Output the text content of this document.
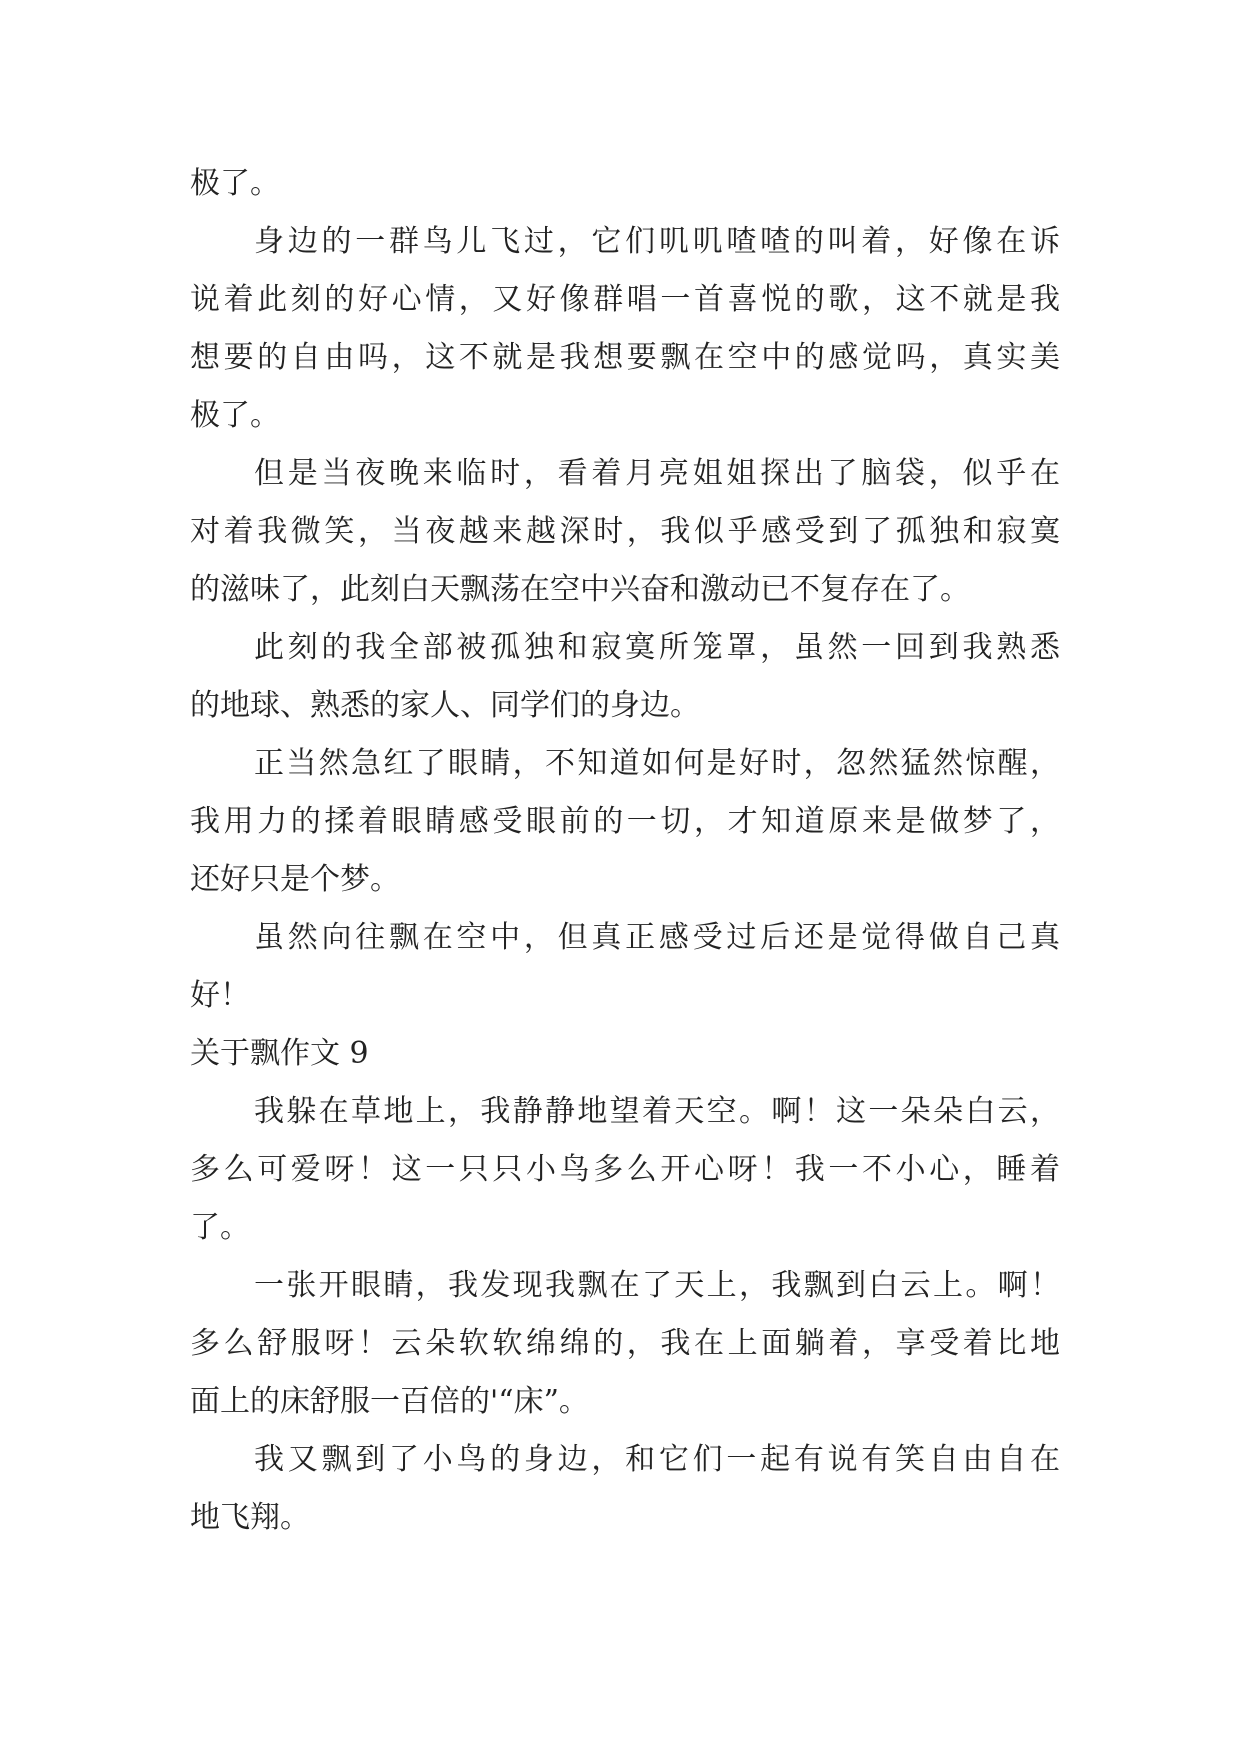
极了。
身边的一群鸟儿飞过，它们叽叽喳喳的叫着，好像在诉
说着此刻的好心情，又好像群唱一首喜悦的歌，这不就是我
想要的自由吗，这不就是我想要飘在空中的感觉吗，真实美
极了。
但是当夜晚来临时，看着月亮姐姐探出了脑袋，似乎在
对着我微笑，当夜越来越深时，我似乎感受到了孤独和寂寞
的滋味了，此刻白天飘荡在空中兴奋和激动已不复存在了。
此刻的我全部被孤独和寂寞所笼罩，虽然一回到我熟悉
的地球、熟悉的家人、同学们的身边。
正当然急红了眼睛，不知道如何是好时，忽然猛然惊醒，
我用力的揉着眼睛感受眼前的一切，才知道原来是做梦了，
还好只是个梦。
虽然向往飘在空中，但真正感受过后还是觉得做自己真
好！
关于飘作文 9
我躲在草地上，我静静地望着天空。啊！这一朵朵白云，
多么可爱呀！这一只只小鸟多么开心呀！我一不小心，睡着
了。
一张开眼睛，我发现我飘在了天上，我飘到白云上。啊！
多么舒服呀！云朵软软绵绵的，我在上面躺着，享受着比地
面上的床舒服一百倍的'“床”。
我又飘到了小鸟的身边，和它们一起有说有笑自由自在
地飞翔。
